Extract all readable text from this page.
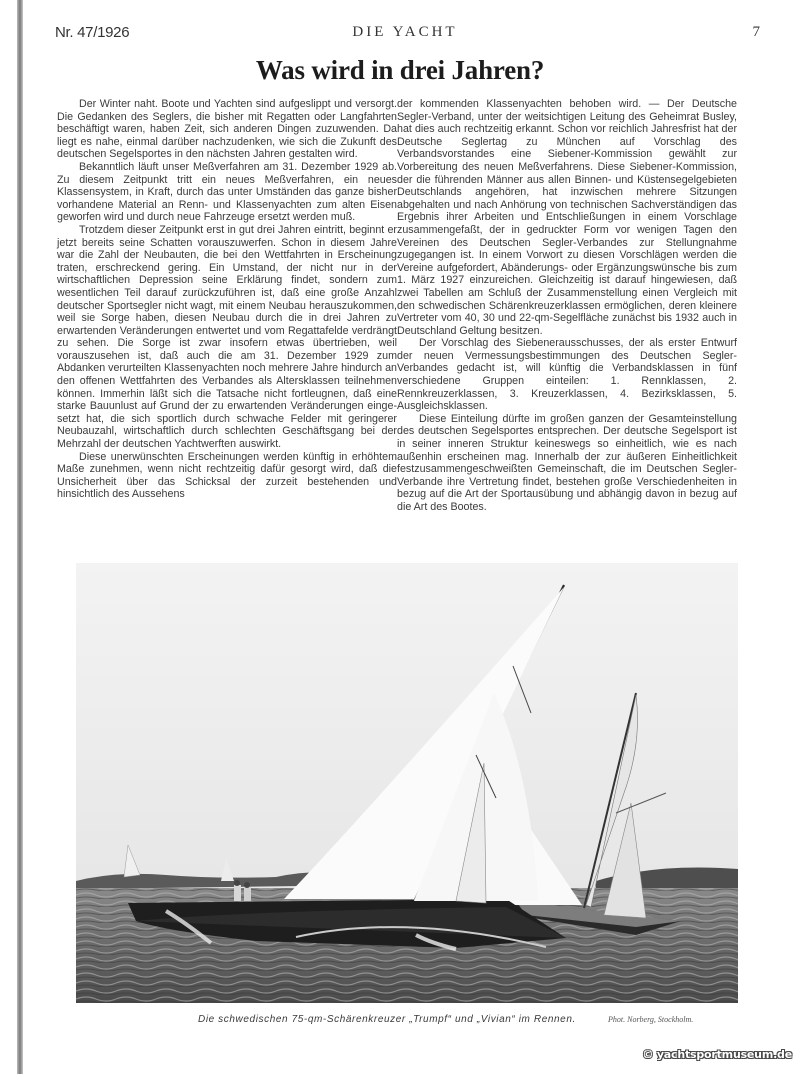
Nr. 47/1926	DIE YACHT	7
Was wird in drei Jahren?

Der Winter naht. Boote und Yachten sind aufgeslippt und versorgt. Die Gedanken des Seglers, die bisher mit Regatten oder Langfahrten beschäftigt waren, haben Zeit, sich anderen Dingen zuzuwenden. Da liegt es nahe, einmal darüber nachzudenken, wie sich die Zukunft des deutschen Segelsportes in den nächsten Jahren gestalten wird.

Bekanntlich läuft unser Meßverfahren am 31. Dezember 1929 ab. Zu diesem Zeitpunkt tritt ein neues Meßverfahren, ein neues Klassensystem, in Kraft, durch das unter Umständen das ganze bisher vorhandene Material an Renn- und Klassenyachten zum alten Eisen geworfen wird und durch neue Fahrzeuge ersetzt werden muß.

Trotzdem dieser Zeitpunkt erst in gut drei Jahren eintritt, beginnt er jetzt bereits seine Schatten vorauszuwerfen. Schon in diesem Jahre war die Zahl der Neubauten, die bei den Wettfahrten in Erscheinung traten, erschreckend gering. Ein Umstand, der nicht nur in der wirtschaftlichen Depression seine Erklärung findet, sondern zum wesentlichen Teil darauf zurückzuführen ist, daß eine große Anzahl deutscher Sportsegler nicht wagt, mit einem Neubau herauszukommen, weil sie Sorge haben, diesen Neubau durch die in drei Jahren zu erwartenden Veränderungen entwertet und vom Regattafelde verdrängt zu sehen. Die Sorge ist zwar insofern etwas übertrieben, weil vorauszusehen ist, daß auch die am 31. Dezember 1929 zum Abdanken verurteilten Klassenyachten noch mehrere Jahre hindurch an den offenen Wettfahrten des Verbandes als Altersklassen teilnehmen können. Immerhin läßt sich die Tatsache nicht fortleugnen, daß eine starke Bauunlust auf Grund der zu erwartenden Veränderungen eingesetzt hat, die sich sportlich durch schwache Felder mit geringerer Neubauzahl, wirtschaftlich durch schlechten Geschäftsgang bei der Mehrzahl der deutschen Yachtwerften auswirkt.

Diese unerwünschten Erscheinungen werden künftig in erhöhtem Maße zunehmen, wenn nicht rechtzeitig dafür gesorgt wird, daß die Unsicherheit über das Schicksal der zurzeit bestehenden und hinsichtlich des Aussehens

der kommenden Klassenyachten behoben wird. — Der Deutsche Segler-Verband, unter der weitsichtigen Leitung des Geheimrat Busley, hat dies auch rechtzeitig erkannt. Schon vor reichlich Jahresfrist hat der Deutsche Seglertag zu München auf Vorschlag des Verbandsvorstandes eine Siebener-Kommission gewählt zur Vorbereitung des neuen Meßverfahrens. Diese Siebener-Kommission, der die führenden Männer aus allen Binnen- und Küstensegelgebieten Deutschlands angehören, hat inzwischen mehrere Sitzungen abgehalten und nach Anhörung von technischen Sachverständigen das Ergebnis ihrer Arbeiten und Entschließungen in einem Vorschlage zusammengefaßt, der in gedruckter Form vor wenigen Tagen den Vereinen des Deutschen Segler-Verbandes zur Stellungnahme zugegangen ist. In einem Vorwort zu diesen Vorschlägen werden die Vereine aufgefordert, Abänderungs- oder Ergänzungswünsche bis zum 1. März 1927 einzureichen. Gleichzeitig ist darauf hingewiesen, daß zwei Tabellen am Schluß der Zusammenstellung einen Vergleich mit den schwedischen Schärenkreuzerklassen ermöglichen, deren kleinere Vertreter vom 40, 30 und 22-qm-Segelfläche zunächst bis 1932 auch in Deutschland Geltung besitzen.

Der Vorschlag des Siebenerausschusses, der als erster Entwurf der neuen Vermessungsbestimmungen des Deutschen Segler-Verbandes gedacht ist, will künftig die Verbandsklassen in fünf verschiedene Gruppen einteilen: 1. Rennklassen, 2. Rennkreuzerklassen, 3. Kreuzerklassen, 4. Bezirksklassen, 5. Ausgleichsklassen.

Diese Einteilung dürfte im großen ganzen der Gesamteinstellung des deutschen Segelsportes entsprechen. Der deutsche Segelsport ist in seiner inneren Struktur keineswegs so einheitlich, wie es nach außenhin erscheinen mag. Innerhalb der zur äußeren Einheitlichkeit festzusammengeschweißten Gemeinschaft, die im Deutschen Segler-Verbande ihre Vertretung findet, bestehen große Verschiedenheiten in bezug auf die Art der Sportausübung und abhängig davon in bezug auf die Art des Bootes.

Die schwedischen 75-qm-Schärenkreuzer „Trumpf“ und „Vivian“ im Rennen.	Phot. Norberg, Stockholm.
© yachtsportmuseum.de
